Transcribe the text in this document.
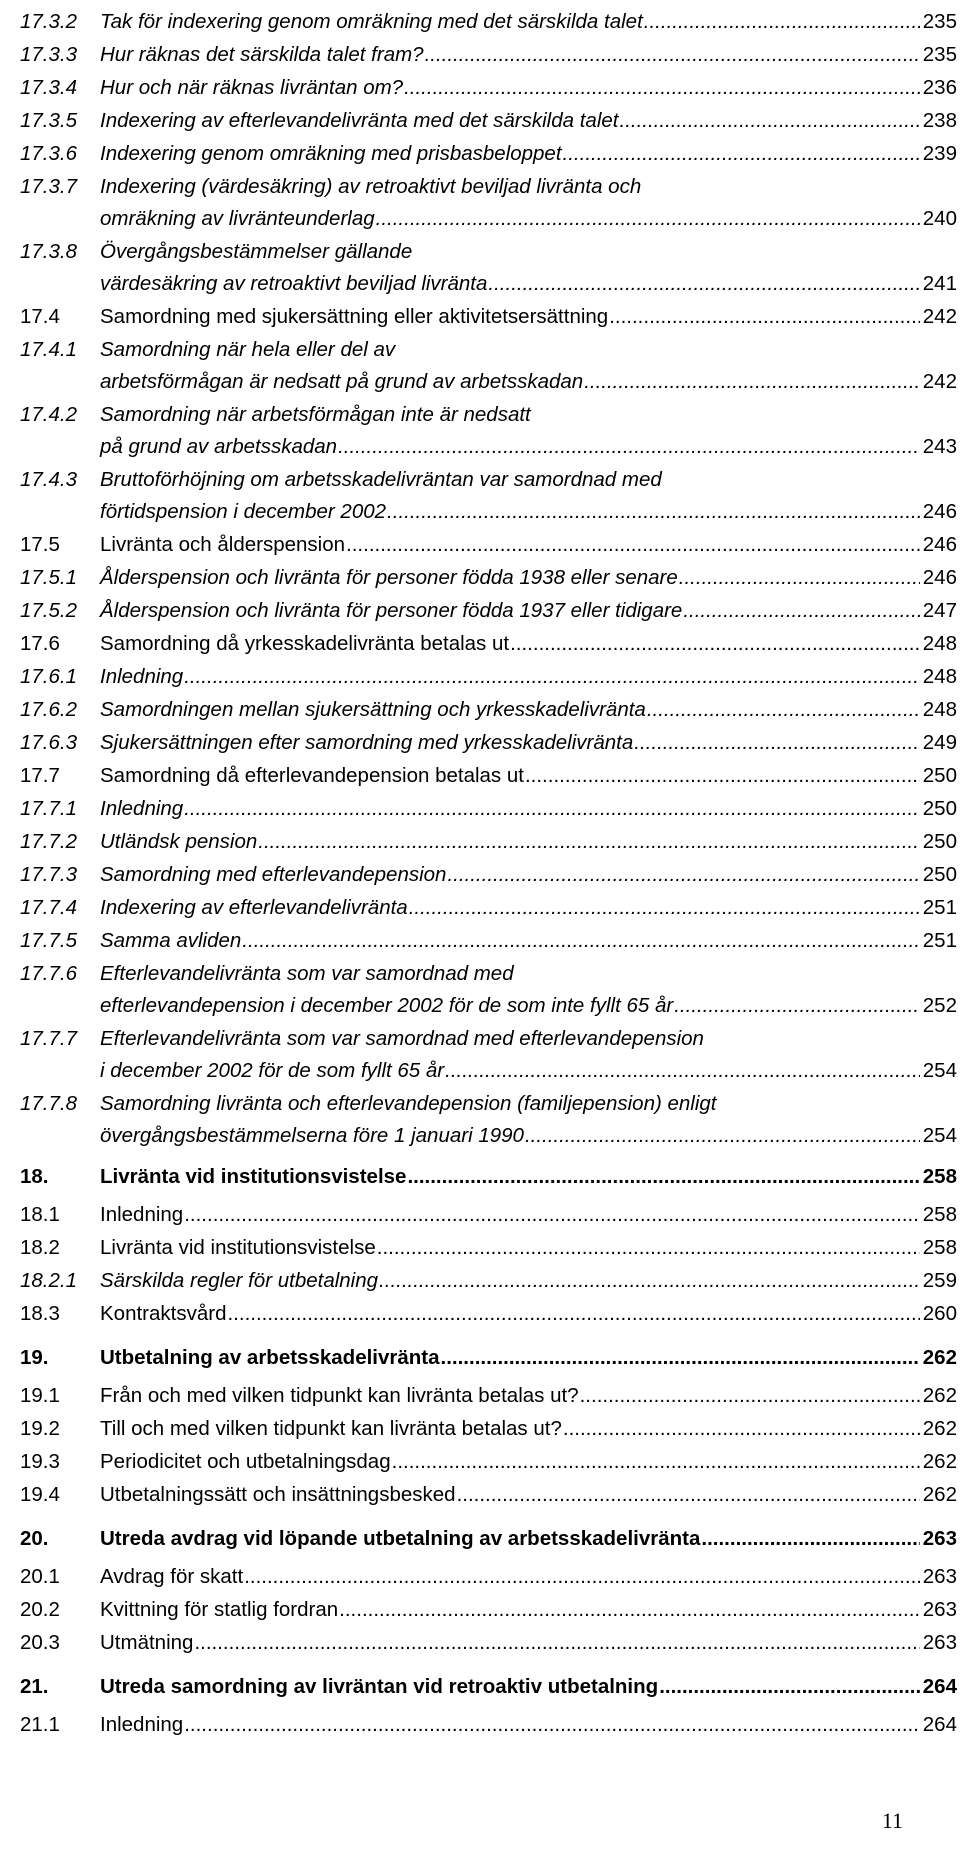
17.3.2 Tak för indexering genom omräkning med det särskilda talet .....	235
17.3.3 Hur räknas det särskilda talet fram? .....	235
17.3.4 Hur och när räknas livräntan om? .....	236
17.3.5 Indexering av efterlevandelivränta med det särskilda talet .....	238
17.3.6 Indexering genom omräkning med prisbasbeloppet .....	239
17.3.7 Indexering (värdesäkring) av retroaktivt beviljad livränta och
omräkning av livränteunderlag .....	240
17.3.8 Övergångsbestämmelser gällande
värdesäkring av retroaktivt beviljad livränta .....	241
17.4 Samordning med sjukersättning eller aktivitetsersättning .....	242
17.4.1 Samordning när hela eller del av
arbetsförmågan är nedsatt på grund av arbetsskadan .....	242
17.4.2 Samordning när arbetsförmågan inte är nedsatt
på grund av arbetsskadan .....	243
17.4.3 Bruttoförhöjning om arbetsskadelivräntan var samordnad med
förtidspension i december 2002 .....	246
17.5 Livränta och ålderspension .....	246
17.5.1 Ålderspension och livränta för personer födda 1938 eller senare .....	246
17.5.2 Ålderspension och livränta för personer födda 1937 eller tidigare .....	247
17.6 Samordning då yrkesskadelivränta betalas ut .....	248
17.6.1 Inledning .....	248
17.6.2 Samordningen mellan sjukersättning och yrkesskadelivränta .....	248
17.6.3 Sjukersättningen efter samordning med yrkesskadelivränta .....	249
17.7 Samordning då efterlevandepension betalas ut .....	250
17.7.1 Inledning .....	250
17.7.2 Utländsk pension .....	250
17.7.3 Samordning med efterlevandepension .....	250
17.7.4 Indexering av efterlevandelivränta .....	251
17.7.5 Samma avliden .....	251
17.7.6 Efterlevandelivränta som var samordnad med
efterlevandepension i december 2002 för de som inte fyllt 65 år .....	252
17.7.7 Efterlevandelivränta som var samordnad med efterlevandepension
i december 2002 för de som fyllt 65 år .....	254
17.7.8 Samordning livränta och efterlevandepension (familjepension) enligt
övergångsbestämmelserna före 1 januari 1990 .....	254
18.	Livränta vid institutionsvistelse .....	258
18.1 Inledning .....	258
18.2 Livränta vid institutionsvistelse .....	258
18.2.1 Särskilda regler för utbetalning .....	259
18.3 Kontraktsvård .....	260
19.	Utbetalning av arbetsskadelivränta .....	262
19.1 Från och med vilken tidpunkt kan livränta betalas ut? .....	262
19.2 Till och med vilken tidpunkt kan livränta betalas ut? .....	262
19.3 Periodicitet och utbetalningsdag .....	262
19.4 Utbetalningssätt och insättningsbesked .....	262
20.	Utreda avdrag vid löpande utbetalning av arbetsskadelivränta .....	263
20.1 Avdrag för skatt .....	263
20.2 Kvittning för statlig fordran .....	263
20.3 Utmätning .....	263
21.	Utreda samordning av livräntan vid retroaktiv utbetalning .....	264
21.1 Inledning .....	264
11
